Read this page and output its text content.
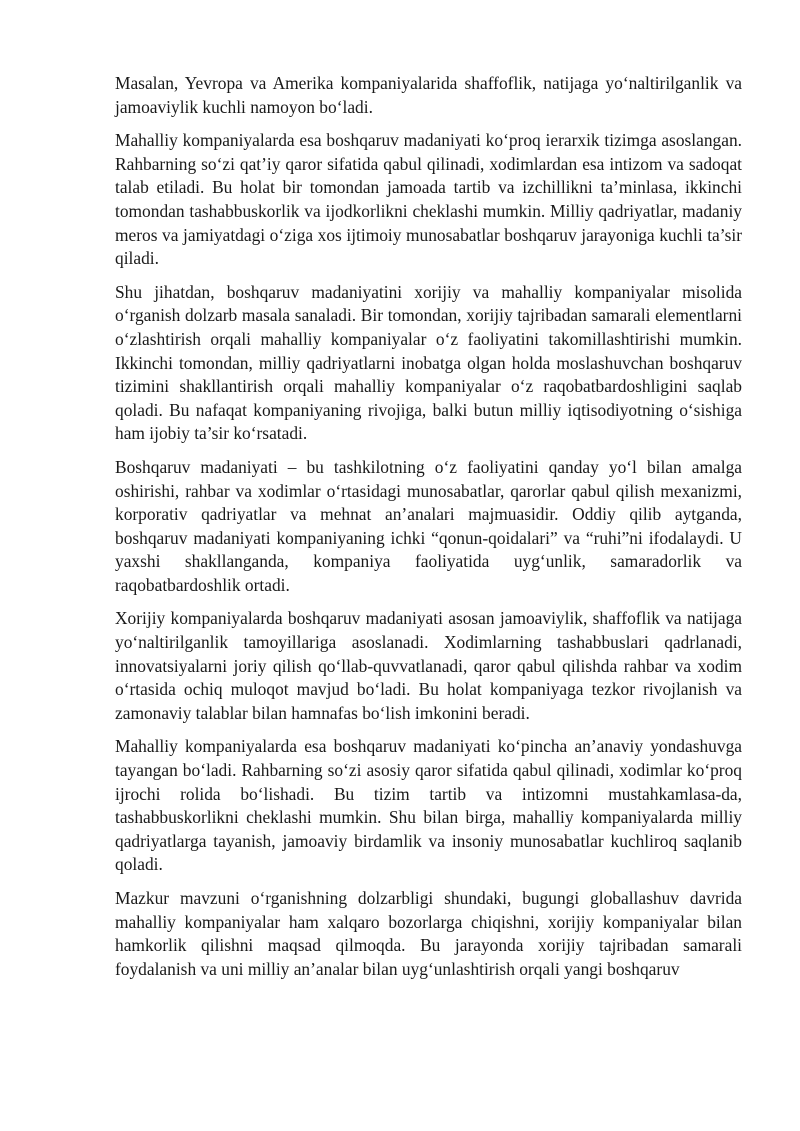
Masalan, Yevropa va Amerika kompaniyalarida shaffoflik, natijaga yo‘naltirilganlik va jamoaviylik kuchli namoyon bo‘ladi.

Mahalliy kompaniyalarda esa boshqaruv madaniyati ko‘proq ierarxik tizimga asoslangan. Rahbarning so‘zi qat’iy qaror sifatida qabul qilinadi, xodimlardan esa intizom va sadoqat talab etiladi. Bu holat bir tomondan jamoada tartib va izchillikni ta’minlasa, ikkinchi tomondan tashabbuskorlik va ijodkorlikni cheklashi mumkin. Milliy qadriyatlar, madaniy meros va jamiyatdagi o‘ziga xos ijtimoiy munosabatlar boshqaruv jarayoniga kuchli ta’sir qiladi.

Shu jihatdan, boshqaruv madaniyatini xorijiy va mahalliy kompaniyalar misolida o‘rganish dolzarb masala sanaladi. Bir tomondan, xorijiy tajribadan samarali elementlarni o‘zlashtirish orqali mahalliy kompaniyalar o‘z faoliyatini takomillashtirishi mumkin. Ikkinchi tomondan, milliy qadriyatlarni inobatga olgan holda moslashuvchan boshqaruv tizimini shakllantirish orqali mahalliy kompaniyalar o‘z raqobatbardoshligini saqlab qoladi. Bu nafaqat kompaniyaning rivojiga, balki butun milliy iqtisodiyotning o‘sishiga ham ijobiy ta’sir ko‘rsatadi.

Boshqaruv madaniyati – bu tashkilotning o‘z faoliyatini qanday yo‘l bilan amalga oshirishi, rahbar va xodimlar o‘rtasidagi munosabatlar, qarorlar qabul qilish mexanizmi, korporativ qadriyatlar va mehnat an’analari majmuasidir. Oddiy qilib aytganda, boshqaruv madaniyati kompaniyaning ichki “qonun-qoidalari” va “ruhi”ni ifodalaydi. U yaxshi shakllanganda, kompaniya faoliyatida uyg‘unlik, samaradorlik va raqobatbardoshlik ortadi.

Xorijiy kompaniyalarda boshqaruv madaniyati asosan jamoaviylik, shaffoflik va natijaga yo‘naltirilganlik tamoyillariga asoslanadi. Xodimlarning tashabbuslari qadrlanadi, innovatsiyalarni joriy qilish qo‘llab-quvvatlanadi, qaror qabul qilishda rahbar va xodim o‘rtasida ochiq muloqot mavjud bo‘ladi. Bu holat kompaniyaga tezkor rivojlanish va zamonaviy talablar bilan hamnafas bo‘lish imkonini beradi.

Mahalliy kompaniyalarda esa boshqaruv madaniyati ko‘pincha an’anaviy yondashuvga tayangan bo‘ladi. Rahbarning so‘zi asosiy qaror sifatida qabul qilinadi, xodimlar ko‘proq ijrochi rolida bo‘lishadi. Bu tizim tartib va intizomni mustahkamlasa-da, tashabbuskorlikni cheklashi mumkin. Shu bilan birga, mahalliy kompaniyalarda milliy qadriyatlarga tayanish, jamoaviy birdamlik va insoniy munosabatlar kuchliroq saqlanib qoladi.

Mazkur mavzuni o‘rganishning dolzarbligi shundaki, bugungi globallashuv davrida mahalliy kompaniyalar ham xalqaro bozorlarga chiqishni, xorijiy kompaniyalar bilan hamkorlik qilishni maqsad qilmoqda. Bu jarayonda xorijiy tajribadan samarali foydalanish va uni milliy an’analar bilan uyg‘unlashtirish orqali yangi boshqaruv
